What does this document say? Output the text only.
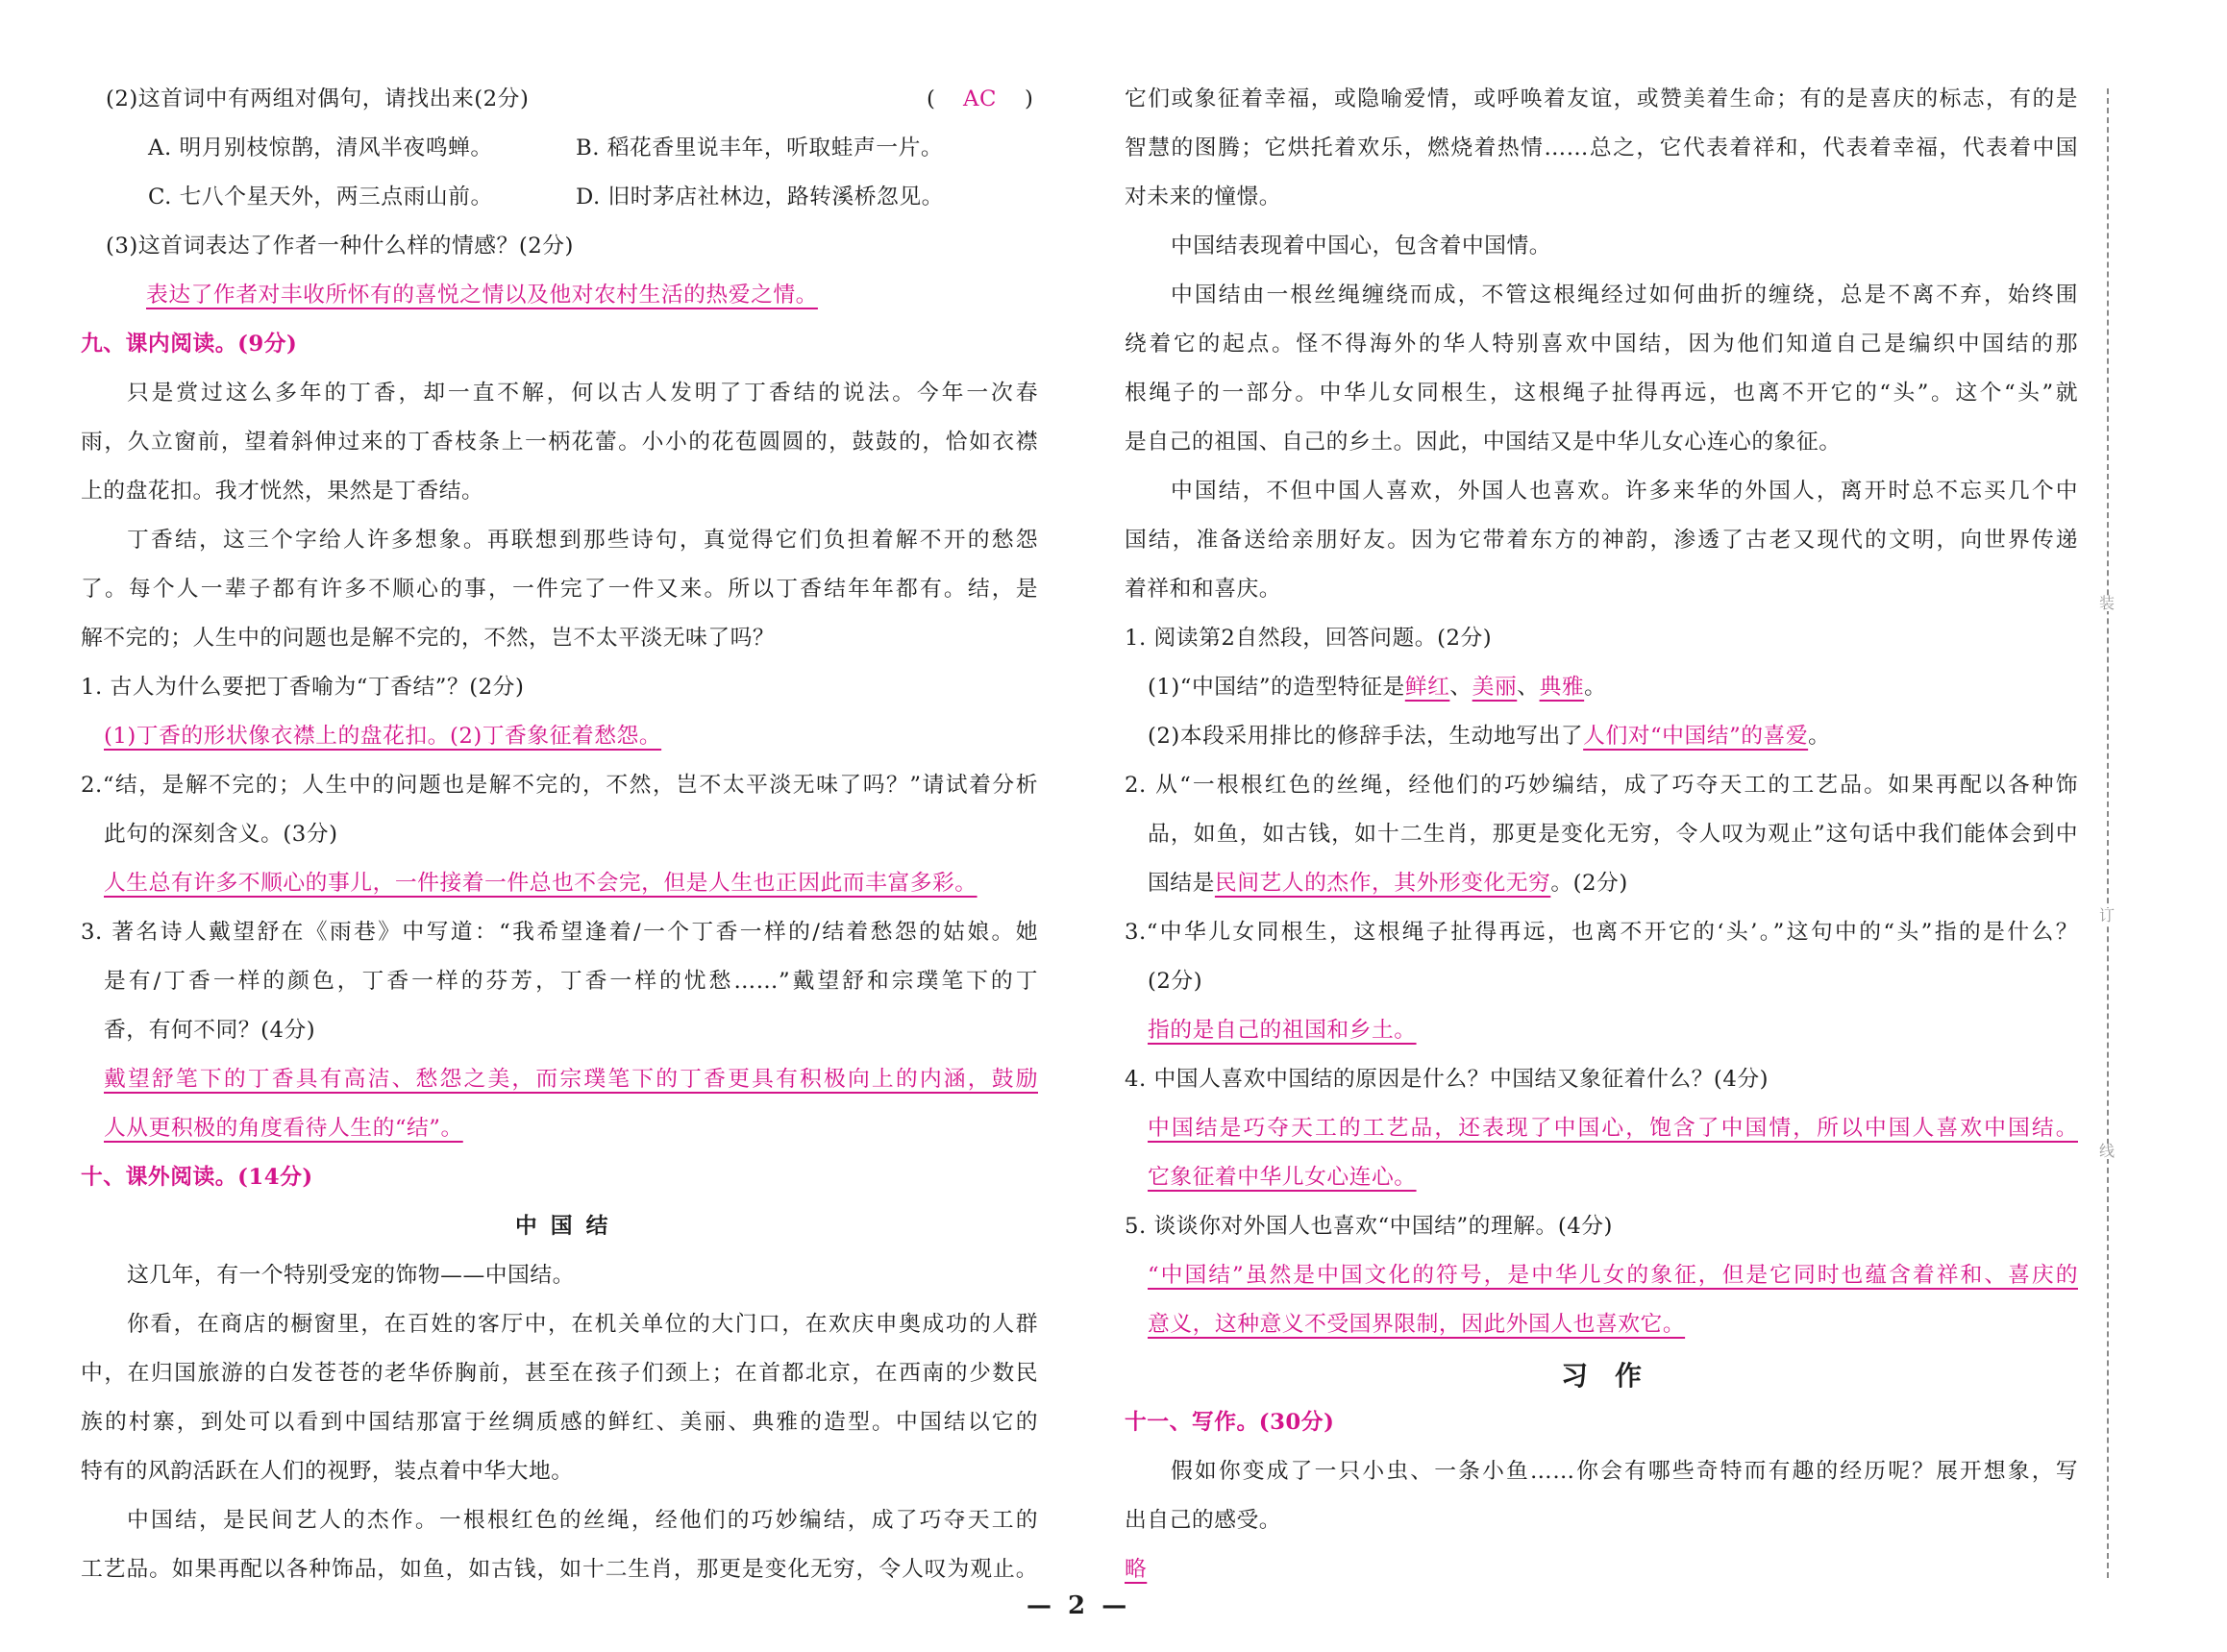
(2)这首词中有两组对偶句，请找出来(2分)	( AC )
A. 明月别枝惊鹊，清风半夜鸣蝉。	B. 稻花香里说丰年，听取蛙声一片。
C. 七八个星天外，两三点雨山前。	D. 旧时茅店社林边，路转溪桥忽见。
(3)这首词表达了作者一种什么样的情感？(2分)
表达了作者对丰收所怀有的喜悦之情以及他对农村生活的热爱之情。
九、课内阅读。(9分)
只是赏过这么多年的丁香，却一直不解，何以古人发明了丁香结的说法。今年一次春
雨，久立窗前，望着斜伸过来的丁香枝条上一柄花蕾。小小的花苞圆圆的，鼓鼓的，恰如衣襟
上的盘花扣。我才恍然，果然是丁香结。
丁香结，这三个字给人许多想象。再联想到那些诗句，真觉得它们负担着解不开的愁怨
了。每个人一辈子都有许多不顺心的事，一件完了一件又来。所以丁香结年年都有。结，是
解不完的；人生中的问题也是解不完的，不然，岂不太平淡无味了吗？
1. 古人为什么要把丁香喻为“丁香结”？(2分)
(1)丁香的形状像衣襟上的盘花扣。(2)丁香象征着愁怨。
2.“结，是解不完的；人生中的问题也是解不完的，不然，岂不太平淡无味了吗？”请试着分析
此句的深刻含义。(3分)
人生总有许多不顺心的事儿，一件接着一件总也不会完，但是人生也正因此而丰富多彩。
3. 著名诗人戴望舒在《雨巷》中写道：“我希望逢着/一个丁香一样的/结着愁怨的姑娘。她
是有/丁香一样的颜色，丁香一样的芬芳，丁香一样的忧愁……”戴望舒和宗璞笔下的丁
香，有何不同？(4分)
戴望舒笔下的丁香具有高洁、愁怨之美，而宗璞笔下的丁香更具有积极向上的内涵，鼓励
人从更积极的角度看待人生的“结”。
十、课外阅读。(14分)
中国结
这几年，有一个特别受宠的饰物——中国结。
你看，在商店的橱窗里，在百姓的客厅中，在机关单位的大门口，在欢庆申奥成功的人群
中，在归国旅游的白发苍苍的老华侨胸前，甚至在孩子们颈上；在首都北京，在西南的少数民
族的村寨，到处可以看到中国结那富于丝绸质感的鲜红、美丽、典雅的造型。中国结以它的
特有的风韵活跃在人们的视野，装点着中华大地。
中国结，是民间艺人的杰作。一根根红色的丝绳，经他们的巧妙编结，成了巧夺天工的
工艺品。如果再配以各种饰品，如鱼，如古钱，如十二生肖，那更是变化无穷，令人叹为观止。
它们或象征着幸福，或隐喻爱情，或呼唤着友谊，或赞美着生命；有的是喜庆的标志，有的是
智慧的图腾；它烘托着欢乐，燃烧着热情……总之，它代表着祥和，代表着幸福，代表着中国
对未来的憧憬。
中国结表现着中国心，包含着中国情。
中国结由一根丝绳缠绕而成，不管这根绳经过如何曲折的缠绕，总是不离不弃，始终围
绕着它的起点。怪不得海外的华人特别喜欢中国结，因为他们知道自己是编织中国结的那
根绳子的一部分。中华儿女同根生，这根绳子扯得再远，也离不开它的“头”。这个“头”就
是自己的祖国、自己的乡土。因此，中国结又是中华儿女心连心的象征。
中国结，不但中国人喜欢，外国人也喜欢。许多来华的外国人，离开时总不忘买几个中
国结，准备送给亲朋好友。因为它带着东方的神韵，渗透了古老又现代的文明，向世界传递
着祥和和喜庆。
1. 阅读第2自然段，回答问题。(2分)
(1)“中国结”的造型特征是鲜红、美丽、典雅。
(2)本段采用排比的修辞手法，生动地写出了人们对“中国结”的喜爱。
2. 从“一根根红色的丝绳，经他们的巧妙编结，成了巧夺天工的工艺品。如果再配以各种饰
品，如鱼，如古钱，如十二生肖，那更是变化无穷，令人叹为观止”这句话中我们能体会到中
国结是民间艺人的杰作，其外形变化无穷。(2分)
3.“中华儿女同根生，这根绳子扯得再远，也离不开它的‘头’。”这句中的“头”指的是什么？
(2分)
指的是自己的祖国和乡土。
4. 中国人喜欢中国结的原因是什么？中国结又象征着什么？(4分)
中国结是巧夺天工的工艺品，还表现了中国心，饱含了中国情，所以中国人喜欢中国结。
它象征着中华儿女心连心。
5. 谈谈你对外国人也喜欢“中国结”的理解。(4分)
“中国结”虽然是中国文化的符号，是中华儿女的象征，但是它同时也蕴含着祥和、喜庆的
意义，这种意义不受国界限制，因此外国人也喜欢它。
习作
十一、写作。(30分)
假如你变成了一只小虫、一条小鱼……你会有哪些奇特而有趣的经历呢？展开想象，写
出自己的感受。
略
装
订
线
— 2 —
